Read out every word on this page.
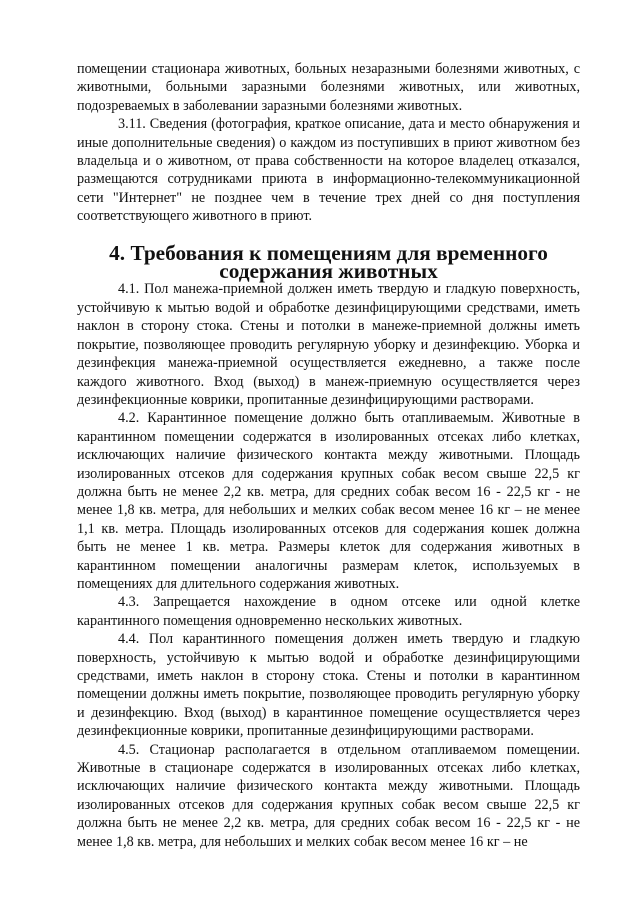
помещении стационара животных, больных незаразными болезнями животных, с животными, больными заразными болезнями животных, или животных, подозреваемых в заболевании заразными болезнями животных.

3.11. Сведения (фотография, краткое описание, дата и место обнаружения и иные дополнительные сведения) о каждом из поступивших в приют животном без владельца и о животном, от права собственности на которое владелец отказался, размещаются сотрудниками приюта в информационно-телекоммуникационной сети "Интернет" не позднее чем в течение трех дней со дня поступления соответствующего животного в приют.

4. Требования к помещениям для временного содержания животных

4.1. Пол манежа-приемной должен иметь твердую и гладкую поверхность, устойчивую к мытью водой и обработке дезинфицирующими средствами, иметь наклон в сторону стока. Стены и потолки в манеже-приемной должны иметь покрытие, позволяющее проводить регулярную уборку и дезинфекцию. Уборка и дезинфекция манежа-приемной осуществляется ежедневно, а также после каждого животного. Вход (выход) в манеж-приемную осуществляется через дезинфекционные коврики, пропитанные дезинфицирующими растворами.

4.2. Карантинное помещение должно быть отапливаемым. Животные в карантинном помещении содержатся в изолированных отсеках либо клетках, исключающих наличие физического контакта между животными. Площадь изолированных отсеков для содержания крупных собак весом свыше 22,5 кг должна быть не менее 2,2 кв. метра, для средних собак весом 16 - 22,5 кг - не менее 1,8 кв. метра, для небольших и мелких собак весом менее 16 кг – не менее 1,1 кв. метра. Площадь изолированных отсеков для содержания кошек должна быть не менее 1 кв. метра. Размеры клеток для содержания животных в карантинном помещении аналогичны размерам клеток, используемых в помещениях для длительного содержания животных.

4.3. Запрещается нахождение в одном отсеке или одной клетке карантинного помещения одновременно нескольких животных.

4.4. Пол карантинного помещения должен иметь твердую и гладкую поверхность, устойчивую к мытью водой и обработке дезинфицирующими средствами, иметь наклон в сторону стока. Стены и потолки в карантинном помещении должны иметь покрытие, позволяющее проводить регулярную уборку и дезинфекцию. Вход (выход) в карантинное помещение осуществляется через дезинфекционные коврики, пропитанные дезинфицирующими растворами.

4.5. Стационар располагается в отдельном отапливаемом помещении. Животные в стационаре содержатся в изолированных отсеках либо клетках, исключающих наличие физического контакта между животными. Площадь изолированных отсеков для содержания крупных собак весом свыше 22,5 кг должна быть не менее 2,2 кв. метра, для средних собак весом 16 - 22,5 кг - не менее 1,8 кв. метра, для небольших и мелких собак весом менее 16 кг – не
